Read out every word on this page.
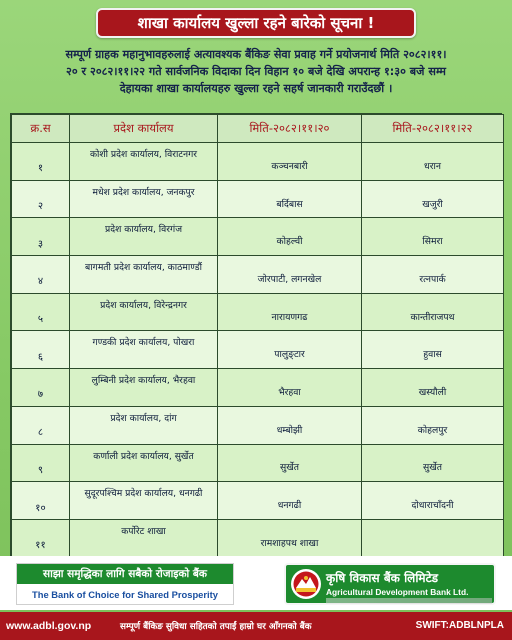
शाखा कार्यालय खुल्ला रहने बारेको सूचना !
सम्पूर्ण ग्राहक महानुभावहरुलाई अत्यावश्यक बैंकिङ सेवा प्रवाह गर्ने प्रयोजनार्थ मिति २०८२।११।
२० र २०८२।११।२२ गते सार्वजनिक विदाका दिन विहान १० बजे देखि अपरान्ह १:३० बजे सम्म
देहायका शाखा कार्यालयहरु खुल्ला रहने सहर्ष जानकारी गराउँदछौं ।
क्र.स	प्रदेश कार्यालय	मिति-२०८२।११।२०	मिति-२०८२।११।२२
१	कोशी प्रदेश कार्यालय, विराटनगर	कञ्चनबारी	धरान
२	मधेश प्रदेश कार्यालय, जनकपुर	बर्दिबास	खजुरी
३	प्रदेश कार्यालय, विरगंज	कोहल्वी	सिमरा
४	बागमती प्रदेश कार्यालय, काठमाण्डौं	जोरपाटी, लगनखेल	रत्नपार्क
५	प्रदेश कार्यालय, विरेन्द्रनगर	नारायणगढ	कान्तीराजपथ
६	गण्डकी प्रदेश कार्यालय, पोखरा	पालुङ्टार	हुवास
७	लुम्बिनी प्रदेश कार्यालय, भैरहवा	भैरहवा	खस्यौली
८	प्रदेश कार्यालय, दांग	धम्बोझी	कोहलपुर
९	कर्णाली प्रदेश कार्यालय, सुर्खेत	सुर्खेत	सुर्खेत
१०	सुदूरपश्चिम प्रदेश कार्यालय, धनगढी	धनगढी	दोधाराचाँदनी
११	कर्पोरेट शाखा	रामशाहपथ शाखा	
साझा समृद्धिका लागि सबैको रोजाइको बैंक
The Bank of Choice for Shared Prosperity
कृषि विकास बैंक लिमिटेड
Agricultural Development Bank Ltd.
www.adbl.gov.np	सम्पूर्ण बैंकिङ सुविधा सहितको तपाईं हाम्रो घर आँगनको बैंक	SWIFT:ADBLNPLA
